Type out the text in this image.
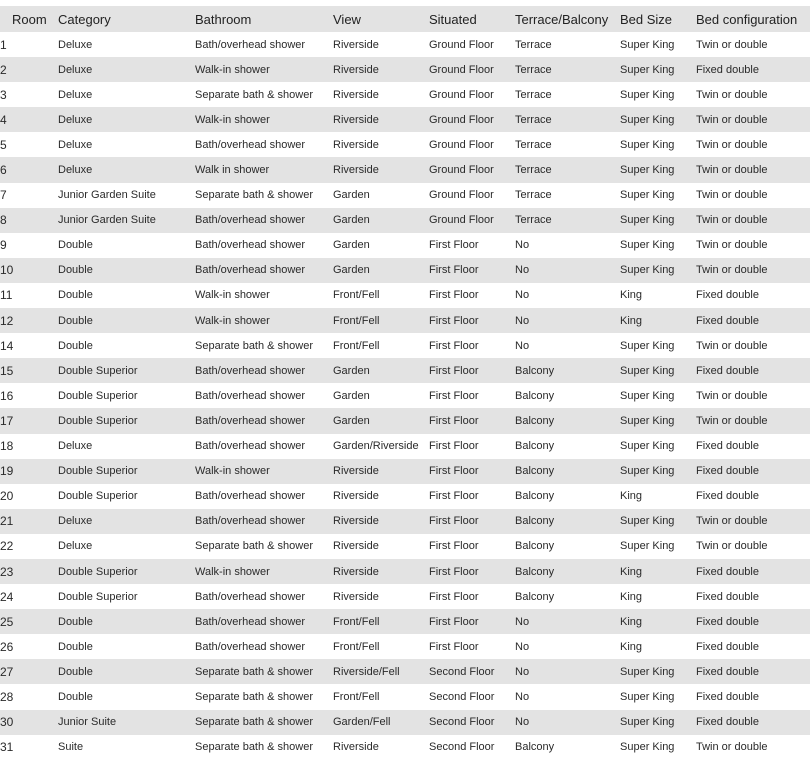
Room	Category	Bathroom	View	Situated	Terrace/Balcony	Bed Size	Bed configuration
1	Deluxe	Bath/overhead shower	Riverside	Ground Floor	Terrace	Super King	Twin or double
2	Deluxe	Walk-in shower	Riverside	Ground Floor	Terrace	Super King	Fixed double
3	Deluxe	Separate bath & shower	Riverside	Ground Floor	Terrace	Super King	Twin or double
4	Deluxe	Walk-in shower	Riverside	Ground Floor	Terrace	Super King	Twin or double
5	Deluxe	Bath/overhead shower	Riverside	Ground Floor	Terrace	Super King	Twin or double
6	Deluxe	Walk in shower	Riverside	Ground Floor	Terrace	Super King	Twin or double
7	Junior Garden Suite	Separate bath & shower	Garden	Ground Floor	Terrace	Super King	Twin or double
8	Junior Garden Suite	Bath/overhead shower	Garden	Ground Floor	Terrace	Super King	Twin or double
9	Double	Bath/overhead shower	Garden	First Floor	No	Super King	Twin or double
10	Double	Bath/overhead shower	Garden	First Floor	No	Super King	Twin or double
11	Double	Walk-in shower	Front/Fell	First Floor	No	King	Fixed double
12	Double	Walk-in shower	Front/Fell	First Floor	No	King	Fixed double
14	Double	Separate bath & shower	Front/Fell	First Floor	No	Super King	Twin or double
15	Double Superior	Bath/overhead shower	Garden	First Floor	Balcony	Super King	Fixed double
16	Double Superior	Bath/overhead shower	Garden	First Floor	Balcony	Super King	Twin or double
17	Double Superior	Bath/overhead shower	Garden	First Floor	Balcony	Super King	Twin or double
18	Deluxe	Bath/overhead shower	Garden/Riverside	First Floor	Balcony	Super King	Fixed double
19	Double Superior	Walk-in shower	Riverside	First Floor	Balcony	Super King	Fixed double
20	Double Superior	Bath/overhead shower	Riverside	First Floor	Balcony	King	Fixed double
21	Deluxe	Bath/overhead shower	Riverside	First Floor	Balcony	Super King	Twin or double
22	Deluxe	Separate bath & shower	Riverside	First Floor	Balcony	Super King	Twin or double
23	Double Superior	Walk-in shower	Riverside	First Floor	Balcony	King	Fixed double
24	Double Superior	Bath/overhead shower	Riverside	First Floor	Balcony	King	Fixed double
25	Double	Bath/overhead shower	Front/Fell	First Floor	No	King	Fixed double
26	Double	Bath/overhead shower	Front/Fell	First Floor	No	King	Fixed double
27	Double	Separate bath & shower	Riverside/Fell	Second Floor	No	Super King	Fixed double
28	Double	Separate bath & shower	Front/Fell	Second Floor	No	Super King	Fixed double
30	Junior Suite	Separate bath & shower	Garden/Fell	Second Floor	No	Super King	Fixed double
31	Suite	Separate bath & shower	Riverside	Second Floor	Balcony	Super King	Twin or double
